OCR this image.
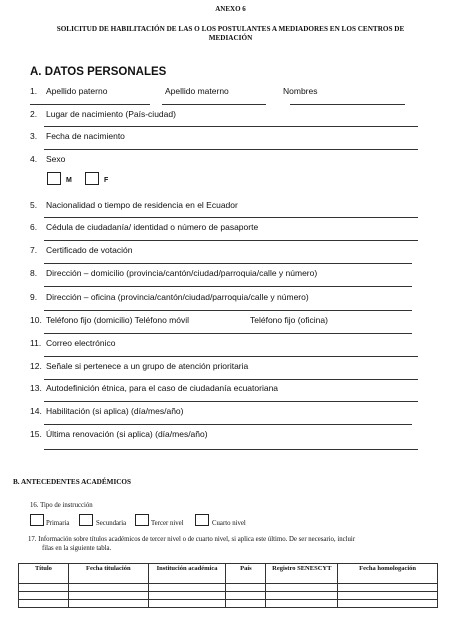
ANEXO 6
SOLICITUD DE HABILITACIÓN DE LAS O LOS POSTULANTES A MEDIADORES EN LOS CENTROS DE
MEDIACIÓN
A. DATOS PERSONALES
1. Apellido paterno	Apellido materno	Nombres
2. Lugar de nacimiento (País-ciudad)
3. Fecha de nacimiento
4. Sexo
M	F
5. Nacionalidad o tiempo de residencia en el Ecuador
6. Cédula de ciudadanía/ identidad o número de pasaporte
7. Certificado de votación
8. Dirección – domicilio (provincia/cantón/ciudad/parroquia/calle y número)
9. Dirección – oficina (provincia/cantón/ciudad/parroquia/calle y número)
10. Teléfono fijo (domicilio) Teléfono móvil	Teléfono fijo (oficina)
11. Correo electrónico
12. Señale si pertenece a un grupo de atención prioritaria
13. Autodefinición étnica, para el caso de ciudadanía ecuatoriana
14. Habilitación (si aplica) (día/mes/año)
15. Última renovación (si aplica) (día/mes/año)
B. ANTECEDENTES ACADÉMICOS
16. Tipo de instrucción
Primaria	Secundaria	Tercer nivel	Cuarto nivel
17. Información sobre títulos académicos de tercer nivel o de cuarto nivel, si aplica este último. De ser necesario, incluir
filas en la siguiente tabla.
Título	Fecha titulación	Institución académica	País	Registro SENESCYT	Fecha homologación
